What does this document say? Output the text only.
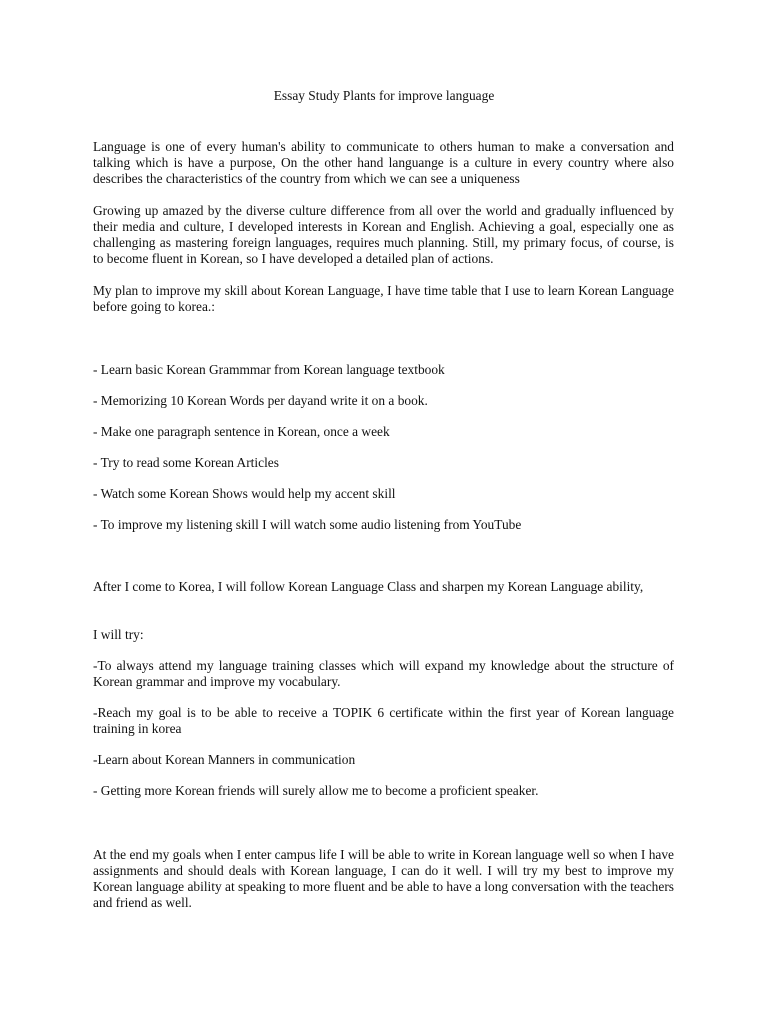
Essay Study Plants for improve language

Language is one of every human's ability to communicate to others human to make a conversation and talking which is have a purpose, On the other hand languange is a culture in every country where also describes the characteristics of the country from which we can see a uniqueness

Growing up amazed by the diverse culture difference from all over the world and gradually influenced by their media and culture, I developed interests in Korean and English. Achieving a goal, especially one as challenging as mastering foreign languages, requires much planning. Still, my primary focus, of course, is to become fluent in Korean, so I have developed a detailed plan of actions.

My plan to improve my skill about Korean Language, I have time table that I use to learn Korean Language before going to korea.:

- Learn basic Korean Grammmar from Korean language textbook

- Memorizing 10 Korean Words per dayand write it on a book.

- Make one paragraph sentence in Korean, once a week

- Try to read some Korean Articles

- Watch some Korean Shows would help my accent skill

- To improve my listening skill I will watch some audio listening from YouTube

After I come to Korea, I will follow Korean Language Class and sharpen my Korean Language ability,

I will try:

-To always attend my language training classes which will expand my knowledge about the structure of Korean grammar and improve my vocabulary.

-Reach my goal is to be able to receive a TOPIK 6 certificate within the first year of Korean language training in korea

-Learn about Korean Manners in communication

- Getting more Korean friends will surely allow me to become a proficient speaker.

At the end my goals when I enter campus life I will be able to write in Korean language well so when I have assignments and should deals with Korean language, I can do it well. I will try my best to improve my Korean language ability at speaking to more fluent and be able to have a long conversation with the teachers and friend as well.
